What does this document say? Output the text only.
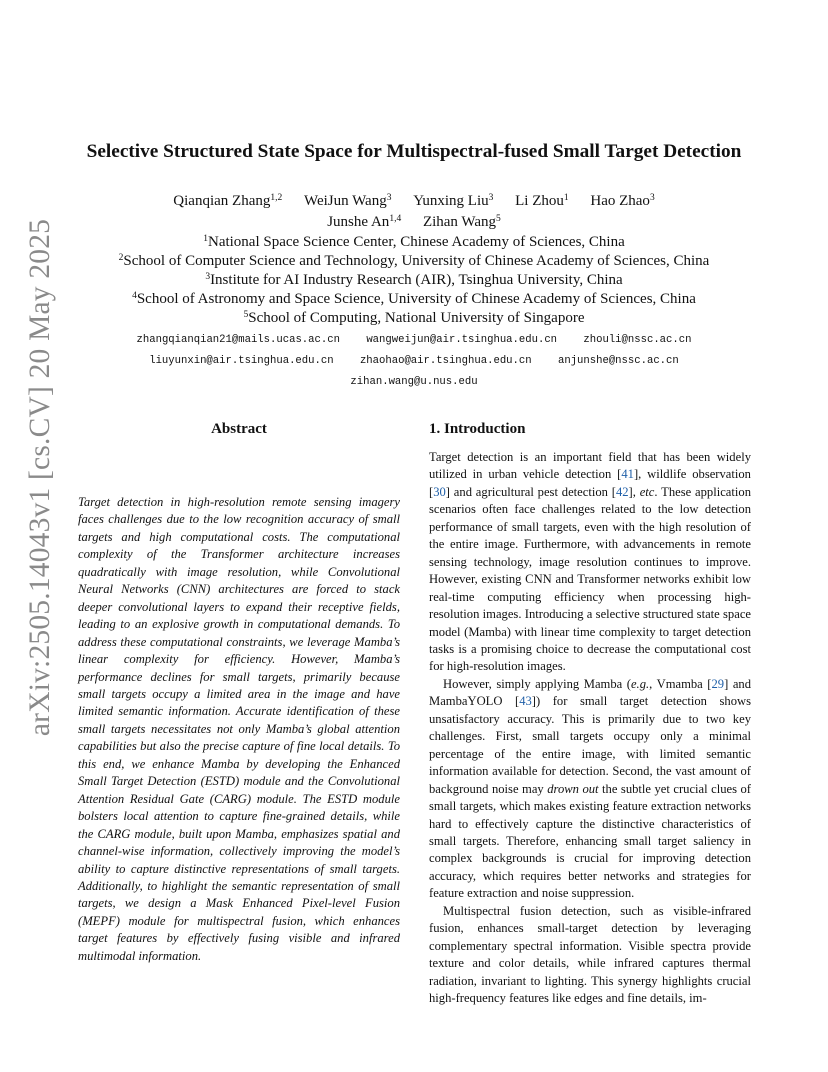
arXiv:2505.14043v1 [cs.CV] 20 May 2025
Selective Structured State Space for Multispectral-fused Small Target Detection
Qianqian Zhang$^{1,2}$ WeiJun Wang$^3$ Yunxing Liu$^3$ Li Zhou$^1$ Hao Zhao$^3$
Junshe An$^{1,4}$ Zihan Wang$^5$
$^1$National Space Science Center, Chinese Academy of Sciences, China
$^2$School of Computer Science and Technology, University of Chinese Academy of Sciences, China
$^3$Institute for AI Industry Research (AIR), Tsinghua University, China
$^4$School of Astronomy and Space Science, University of Chinese Academy of Sciences, China
$^5$School of Computing, National University of Singapore
zhangqianqian21@mails.ucas.ac.cn wangweijun@air.tsinghua.edu.cn zhouli@nssc.ac.cn
liuyunxin@air.tsinghua.edu.cn zhaohao@air.tsinghua.edu.cn anjunshe@nssc.ac.cn
zihan.wang@u.nus.edu
Abstract

Target detection in high-resolution remote sensing imagery faces challenges due to the low recognition accuracy of small targets and high computational costs. The computational complexity of the Transformer architecture increases quadratically with image resolution, while Convolutional Neural Networks (CNN) architectures are forced to stack deeper convolutional layers to expand their receptive fields, leading to an explosive growth in computational demands. To address these computational constraints, we leverage Mamba’s linear complexity for efficiency. However, Mamba’s performance declines for small targets, primarily because small targets occupy a limited area in the image and have limited semantic information. Accurate identification of these small targets necessitates not only Mamba’s global attention capabilities but also the precise capture of fine local details. To this end, we enhance Mamba by developing the Enhanced Small Target Detection (ESTD) module and the Convolutional Attention Residual Gate (CARG) module. The ESTD module bolsters local attention to capture fine-grained details, while the CARG module, built upon Mamba, emphasizes spatial and channel-wise information, collectively improving the model’s ability to capture distinctive representations of small targets. Additionally, to highlight the semantic representation of small targets, we design a Mask Enhanced Pixel-level Fusion (MEPF) module for multispectral fusion, which enhances target features by effectively fusing visible and infrared multimodal information.

1. Introduction

Target detection is an important field that has been widely utilized in urban vehicle detection [41], wildlife observation [30] and agricultural pest detection [42], etc. These application scenarios often face challenges related to the low detection performance of small targets, even with the high resolution of the entire image. Furthermore, with advancements in remote sensing technology, image resolution continues to improve. However, existing CNN and Transformer networks exhibit low real-time computing efficiency when processing high-resolution images. Introducing a selective structured state space model (Mamba) with linear time complexity to target detection tasks is a promising choice to decrease the computational cost for high-resolution images.

However, simply applying Mamba (e.g., Vmamba [29] and MambaYOLO [43]) for small target detection shows unsatisfactory accuracy. This is primarily due to two key challenges. First, small targets occupy only a minimal percentage of the entire image, with limited semantic information available for detection. Second, the vast amount of background noise may drown out the subtle yet crucial clues of small targets, which makes existing feature extraction networks hard to effectively capture the distinctive characteristics of small targets. Therefore, enhancing small target saliency in complex backgrounds is crucial for improving detection accuracy, which requires better networks and strategies for feature extraction and noise suppression.

Multispectral fusion detection, such as visible-infrared fusion, enhances small-target detection by leveraging complementary spectral information. Visible spectra provide texture and color details, while infrared captures thermal radiation, invariant to lighting. This synergy highlights crucial high-frequency features like edges and fine details, im-
